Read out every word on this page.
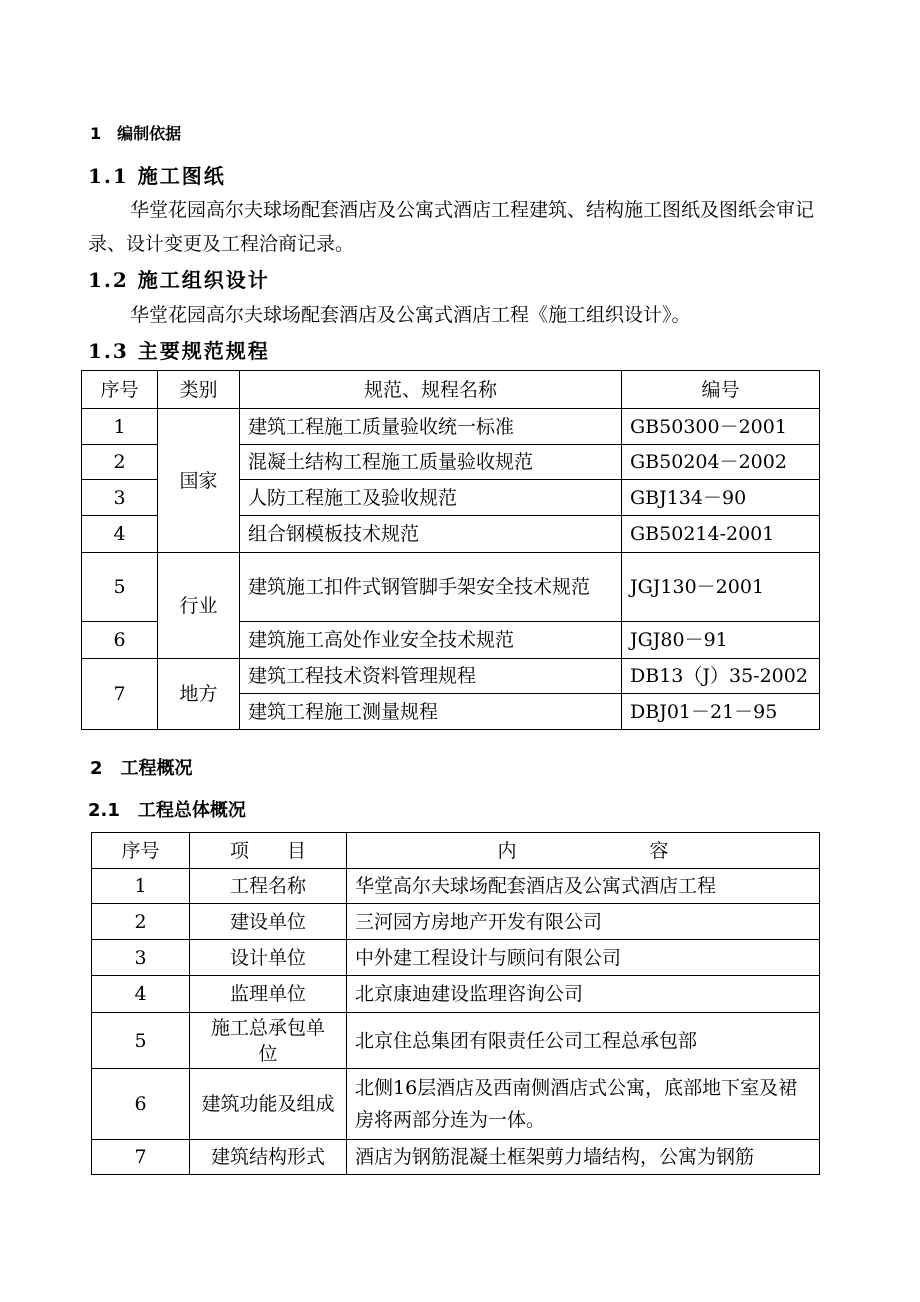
1　编制依据
1.1 施工图纸
华堂花园高尔夫球场配套酒店及公寓式酒店工程建筑、结构施工图纸及图纸会审记录、设计变更及工程洽商记录。
1.2 施工组织设计
华堂花园高尔夫球场配套酒店及公寓式酒店工程《施工组织设计》。
1.3 主要规范规程
序号	类别	规范、规程名称	编号
1	国家	建筑工程施工质量验收统一标准	GB50300－2001
2		混凝土结构工程施工质量验收规范	GB50204－2002
3		人防工程施工及验收规范	GBJ134－90
4		组合钢模板技术规范	GB50214-2001
5	行业	建筑施工扣件式钢管脚手架安全技术规范	JGJ130－2001
6		建筑施工高处作业安全技术规范	JGJ80－91
7	地方	建筑工程技术资料管理规程	DB13（J）35-2002
		建筑工程施工测量规程	DBJ01－21－95
2　工程概况
2.1　工程总体概况
序号	项　　目	内　　　　　　　容
1	工程名称	华堂高尔夫球场配套酒店及公寓式酒店工程
2	建设单位	三河园方房地产开发有限公司
3	设计单位	中外建工程设计与顾问有限公司
4	监理单位	北京康迪建设监理咨询公司
5	施工总承包单位	北京住总集团有限责任公司工程总承包部
6	建筑功能及组成	北侧16层酒店及西南侧酒店式公寓，底部地下室及裙房将两部分连为一体。
7	建筑结构形式	酒店为钢筋混凝土框架剪力墙结构，公寓为钢筋
